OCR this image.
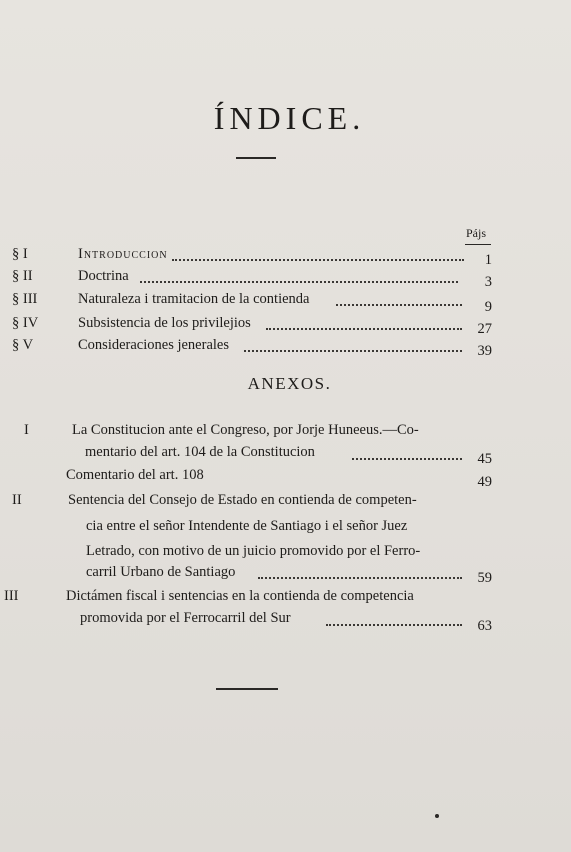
ÍNDICE.
Pájs
§ I	Introduccion	1
§ II	Doctrina	3
§ III	Naturaleza i tramitacion de la contienda	9
§ IV	Subsistencia de los privilejios	27
§ V	Consideraciones jenerales	39
ANEXOS.
I	La Constitucion ante el Congreso, por Jorje Huneeus.—Co-
mentario del art. 104 de la Constitucion	45
Comentario del art. 108	49
II	Sentencia del Consejo de Estado en contienda de competen-
cia entre el señor Intendente de Santiago i el señor Juez
Letrado, con motivo de un juicio promovido por el Ferro-
carril Urbano de Santiago	59
III	Dictámen fiscal i sentencias en la contienda de competencia
promovida por el Ferrocarril del Sur	63
